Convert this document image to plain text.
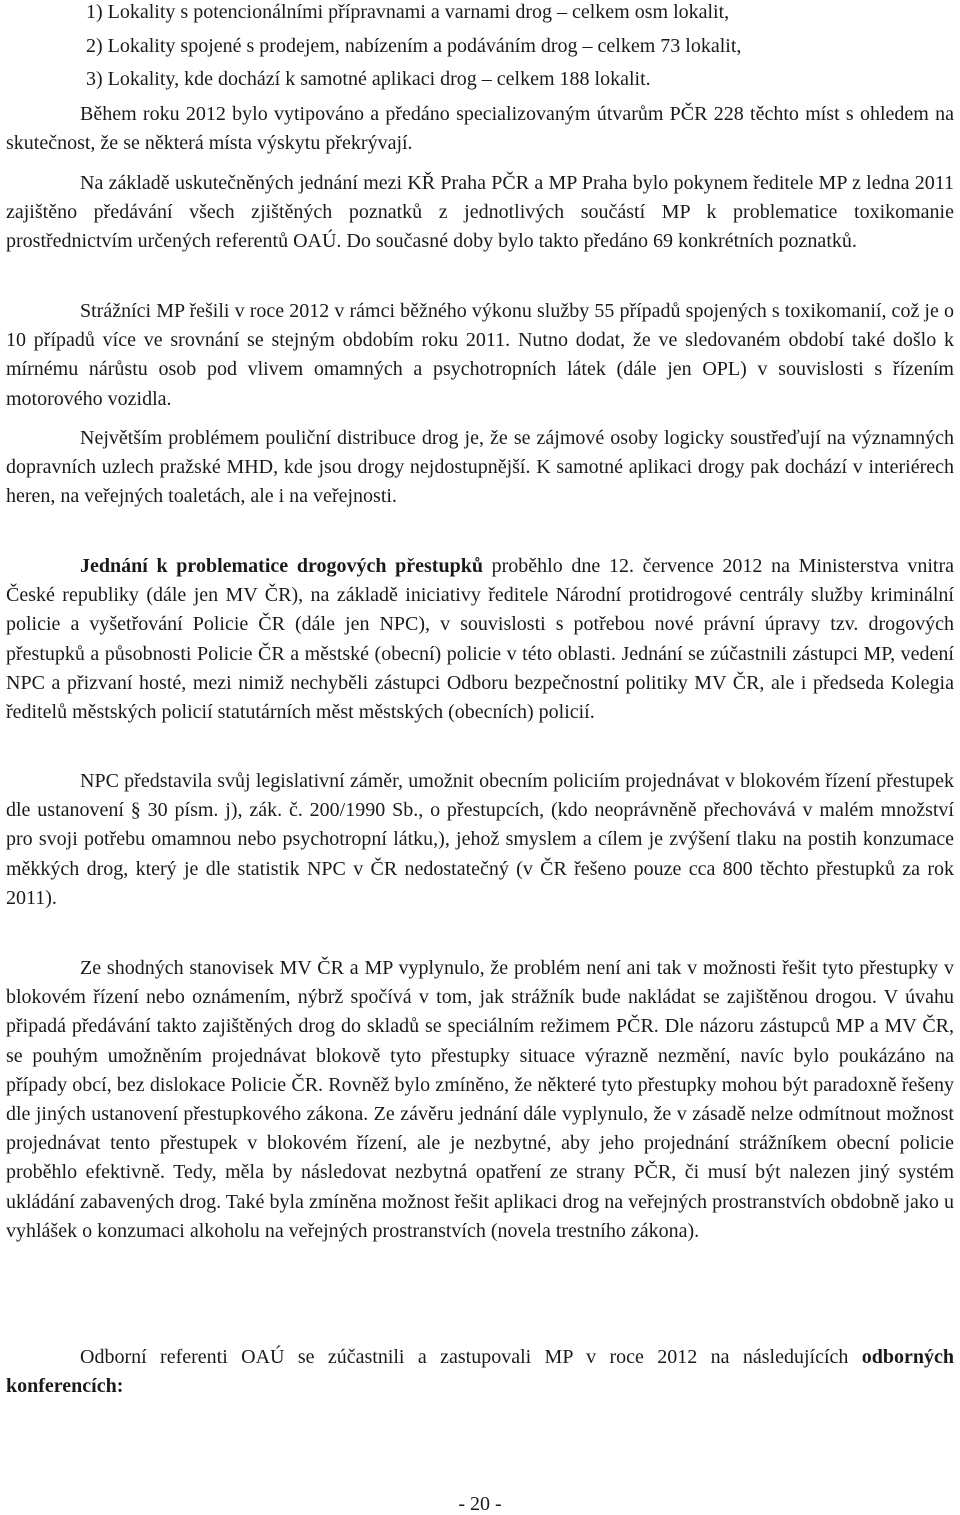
1) Lokality s potencionálními přípravnami a varnami drog – celkem osm lokalit,
2) Lokality spojené s prodejem, nabízením a podáváním drog – celkem 73 lokalit,
3) Lokality, kde dochází k samotné aplikaci drog – celkem 188 lokalit.

Během roku 2012 bylo vytipováno a předáno specializovaným útvarům PČR 228 těchto míst s ohledem na skutečnost, že se některá místa výskytu překrývají.

Na základě uskutečněných jednání mezi KŘ Praha PČR a MP Praha bylo pokynem ředitele MP z ledna 2011 zajištěno předávání všech zjištěných poznatků z jednotlivých součástí MP k problematice toxikomanie prostřednictvím určených referentů OAÚ. Do současné doby bylo takto předáno 69 konkrétních poznatků.

Strážníci MP řešili v roce 2012 v rámci běžného výkonu služby 55 případů spojených s toxikomanií, což je o 10 případů více ve srovnání se stejným obdobím roku 2011. Nutno dodat, že ve sledovaném období také došlo k mírnému nárůstu osob pod vlivem omamných a psychotropních látek (dále jen OPL) v souvislosti s řízením motorového vozidla.

Největším problémem pouliční distribuce drog je, že se zájmové osoby logicky soustřeďují na významných dopravních uzlech pražské MHD, kde jsou drogy nejdostupnější. K samotné aplikaci drogy pak dochází v interiérech heren, na veřejných toaletách, ale i na veřejnosti.

Jednání k problematice drogových přestupků proběhlo dne 12. července 2012 na Ministerstva vnitra České republiky (dále jen MV ČR), na základě iniciativy ředitele Národní protidrogové centrály služby kriminální policie a vyšetřování Policie ČR (dále jen NPC), v souvislosti s potřebou nové právní úpravy tzv. drogových přestupků a působnosti Policie ČR a městské (obecní) policie v této oblasti. Jednání se zúčastnili zástupci MP, vedení NPC a přizvaní hosté, mezi nimiž nechyběli zástupci Odboru bezpečnostní politiky MV ČR, ale i předseda Kolegia ředitelů městských policií statutárních měst městských (obecních) policií.

NPC představila svůj legislativní záměr, umožnit obecním policiím projednávat v blokovém řízení přestupek dle ustanovení § 30 písm. j), zák. č. 200/1990 Sb., o přestupcích, (kdo neoprávněně přechovává v malém množství pro svoji potřebu omamnou nebo psychotropní látku,), jehož smyslem a cílem je zvýšení tlaku na postih konzumace měkkých drog, který je dle statistik NPC v ČR nedostatečný (v ČR řešeno pouze cca 800 těchto přestupků za rok 2011).

Ze shodných stanovisek MV ČR a MP vyplynulo, že problém není ani tak v možnosti řešit tyto přestupky v blokovém řízení nebo oznámením, nýbrž spočívá v tom, jak strážník bude nakládat se zajištěnou drogou. V úvahu připadá předávání takto zajištěných drog do skladů se speciálním režimem PČR. Dle názoru zástupců MP a MV ČR, se pouhým umožněním projednávat blokově tyto přestupky situace výrazně nezmění, navíc bylo poukázáno na případy obcí, bez dislokace Policie ČR. Rovněž bylo zmíněno, že některé tyto přestupky mohou být paradoxně řešeny dle jiných ustanovení přestupkového zákona. Ze závěru jednání dále vyplynulo, že v zásadě nelze odmítnout možnost projednávat tento přestupek v blokovém řízení, ale je nezbytné, aby jeho projednání strážníkem obecní policie proběhlo efektivně. Tedy, měla by následovat nezbytná opatření ze strany PČR, či musí být nalezen jiný systém ukládání zabavených drog. Také byla zmíněna možnost řešit aplikaci drog na veřejných prostranstvích obdobně jako u vyhlášek o konzumaci alkoholu na veřejných prostranstvích (novela trestního zákona).

Odborní referenti OAÚ se zúčastnili a zastupovali MP v roce 2012 na následujících odborných konferencích:

- 20 -
